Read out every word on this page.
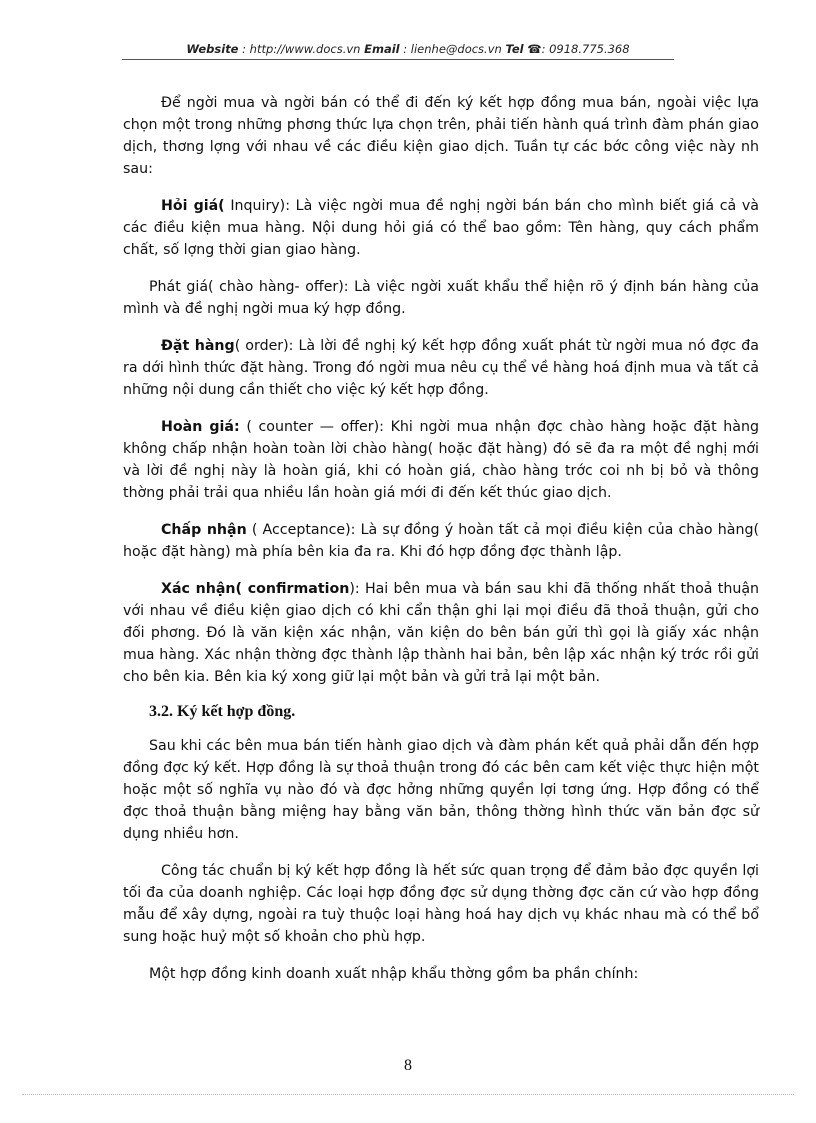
Website : http://www.docs.vn Email : lienhe@docs.vn Tel ☎: 0918.775.368

Để ngời mua và ngời bán có thể đi đến ký kết hợp đồng mua bán, ngoài việc lựa chọn một trong những phơng thức lựa chọn trên, phải tiến hành quá trình đàm phán giao dịch, thơng lợng với nhau về các điều kiện giao dịch. Tuần tự các bớc công việc này nh sau:

Hỏi giá( Inquiry): Là việc ngời mua đề nghị ngời bán bán cho mình biết giá cả và các điều kiện mua hàng. Nội dung hỏi giá có thể bao gồm: Tên hàng, quy cách phẩm chất, số lợng thời gian giao hàng.

Phát giá( chào hàng- offer): Là việc ngời xuất khẩu thể hiện rõ ý định bán hàng của mình và đề nghị ngời mua ký hợp đồng.

Đặt hàng( order): Là lời đề nghị ký kết hợp đồng xuất phát từ ngời mua nó đợc đa ra dới hình thức đặt hàng. Trong đó ngời mua nêu cụ thể về hàng hoá định mua và tất cả những nội dung cần thiết cho việc ký kết hợp đồng.

Hoàn giá: ( counter — offer): Khi ngời mua nhận đợc chào hàng hoặc đặt hàng không chấp nhận hoàn toàn lời chào hàng( hoặc đặt hàng) đó sẽ đa ra một đề nghị mới và lời đề nghị này là hoàn giá, khi có hoàn giá, chào hàng trớc coi nh bị bỏ và thông thờng phải trải qua nhiều lần hoàn giá mới đi đến kết thúc giao dịch.

Chấp nhận ( Acceptance): Là sự đồng ý hoàn tất cả mọi điều kiện của chào hàng( hoặc đặt hàng) mà phía bên kia đa ra. Khi đó hợp đồng đợc thành lập.

Xác nhận( confirmation): Hai bên mua và bán sau khi đã thống nhất thoả thuận với nhau về điều kiện giao dịch có khi cẩn thận ghi lại mọi điều đã thoả thuận, gửi cho đối phơng. Đó là văn kiện xác nhận, văn kiện do bên bán gửi thì gọi là giấy xác nhận mua hàng. Xác nhận thờng đợc thành lập thành hai bản, bên lập xác nhận ký trớc rồi gửi cho bên kia. Bên kia ký xong giữ lại một bản và gửi trả lại một bản.

3.2. Ký kết hợp đồng.

Sau khi các bên mua bán tiến hành giao dịch và đàm phán kết quả phải dẫn đến hợp đồng đợc ký kết. Hợp đồng là sự thoả thuận trong đó các bên cam kết việc thực hiện một hoặc một số nghĩa vụ nào đó và đợc hởng những quyền lợi tơng ứng. Hợp đồng có thể đợc thoả thuận bằng miệng hay bằng văn bản, thông thờng hình thức văn bản đợc sử dụng nhiều hơn.

Công tác chuẩn bị ký kết hợp đồng là hết sức quan trọng để đảm bảo đợc quyền lợi tối đa của doanh nghiệp. Các loại hợp đồng đợc sử dụng thờng đợc căn cứ vào hợp đồng mẫu để xây dựng, ngoài ra tuỳ thuộc loại hàng hoá hay dịch vụ khác nhau mà có thể bổ sung hoặc huỷ một số khoản cho phù hợp.

Một hợp đồng kinh doanh xuất nhập khẩu thờng gồm ba phần chính:

8
